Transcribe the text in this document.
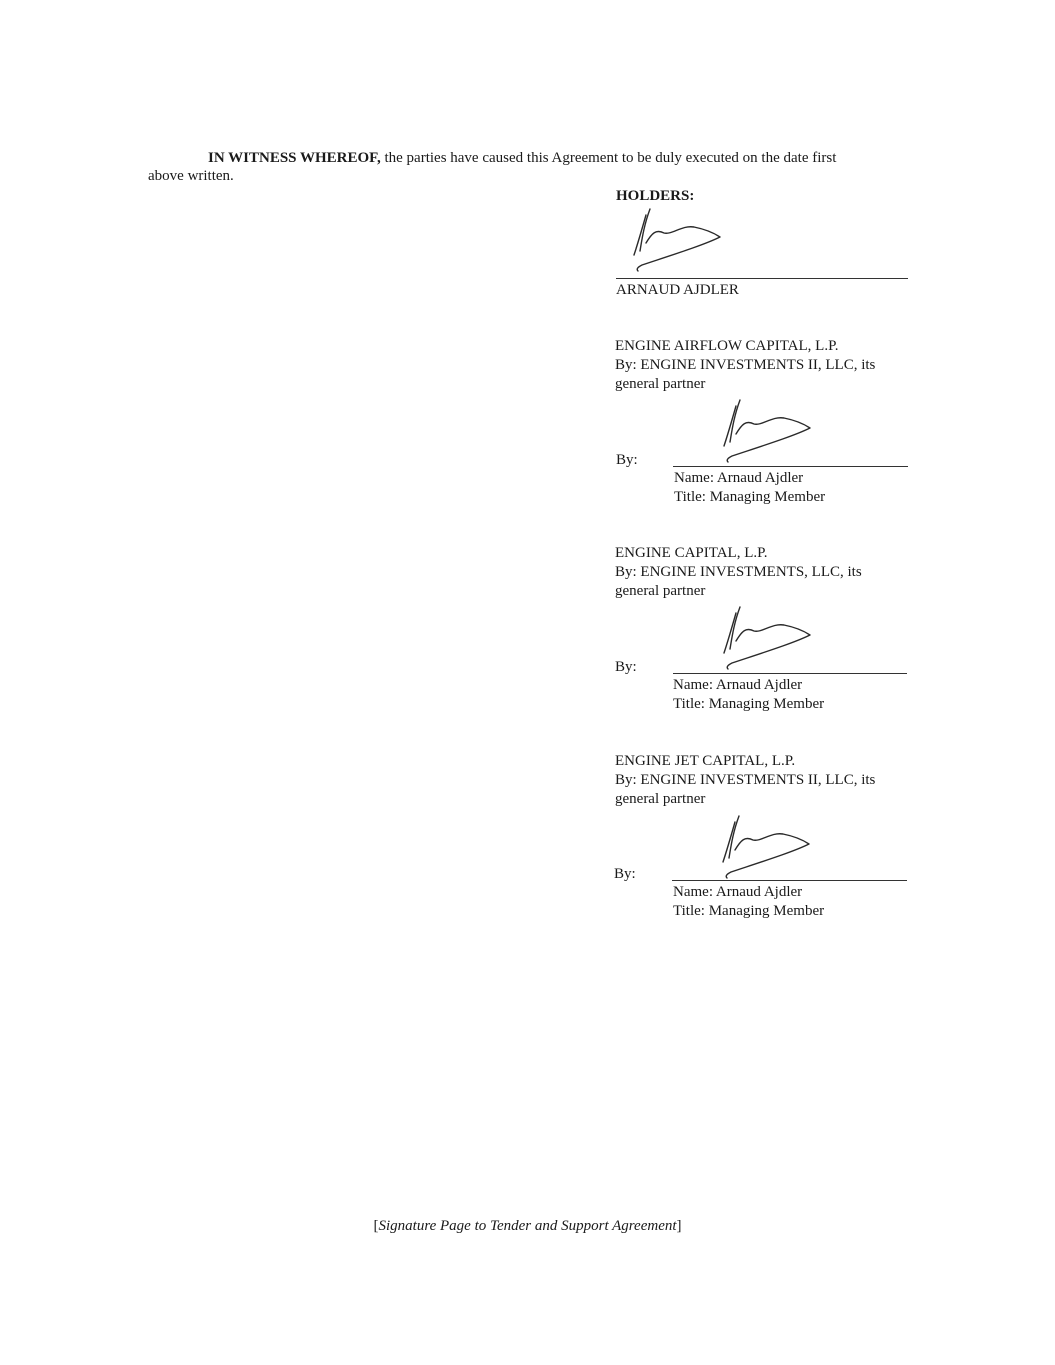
IN WITNESS WHEREOF, the parties have caused this Agreement to be duly executed on the date first
above written.
HOLDERS:
ARNAUD AJDLER
ENGINE AIRFLOW CAPITAL, L.P.
By: ENGINE INVESTMENTS II, LLC, its
general partner
By:
Name: Arnaud Ajdler
Title: Managing Member
ENGINE CAPITAL, L.P.
By: ENGINE INVESTMENTS, LLC, its
general partner
By:
Name: Arnaud Ajdler
Title: Managing Member
ENGINE JET CAPITAL, L.P.
By: ENGINE INVESTMENTS II, LLC, its
general partner
By:
Name: Arnaud Ajdler
Title: Managing Member
[Signature Page to Tender and Support Agreement]
